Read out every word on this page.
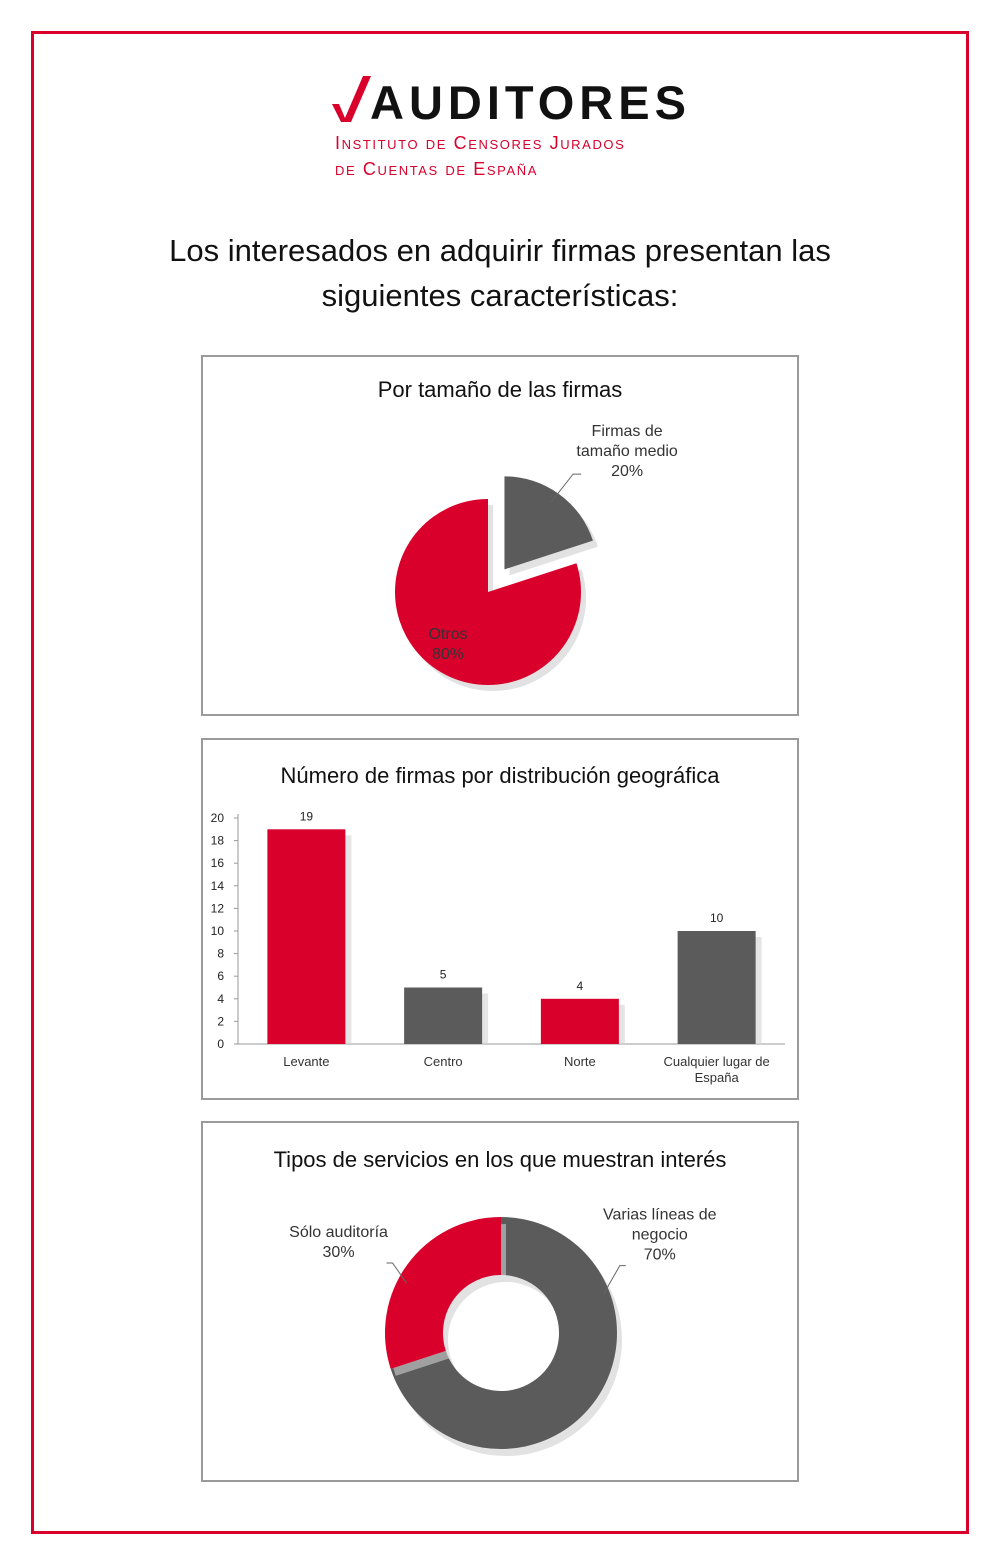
AUDITORES
Instituto de Censores Jurados
de Cuentas de España
Los interesados en adquirir firmas presentan las
siguientes características:
Por tamaño de las firmas
Firmas de tamaño medio 20%
Otros 80%
Número de firmas por distribución geográfica
0
2
4
6
8
10
12
14
16
18
20	19
Levante
5
Centro
4
Norte
10
Cualquier lugar de España
Tipos de servicios en los que muestran interés
Varias líneas de negocio 70%
Sólo auditoría 30%
